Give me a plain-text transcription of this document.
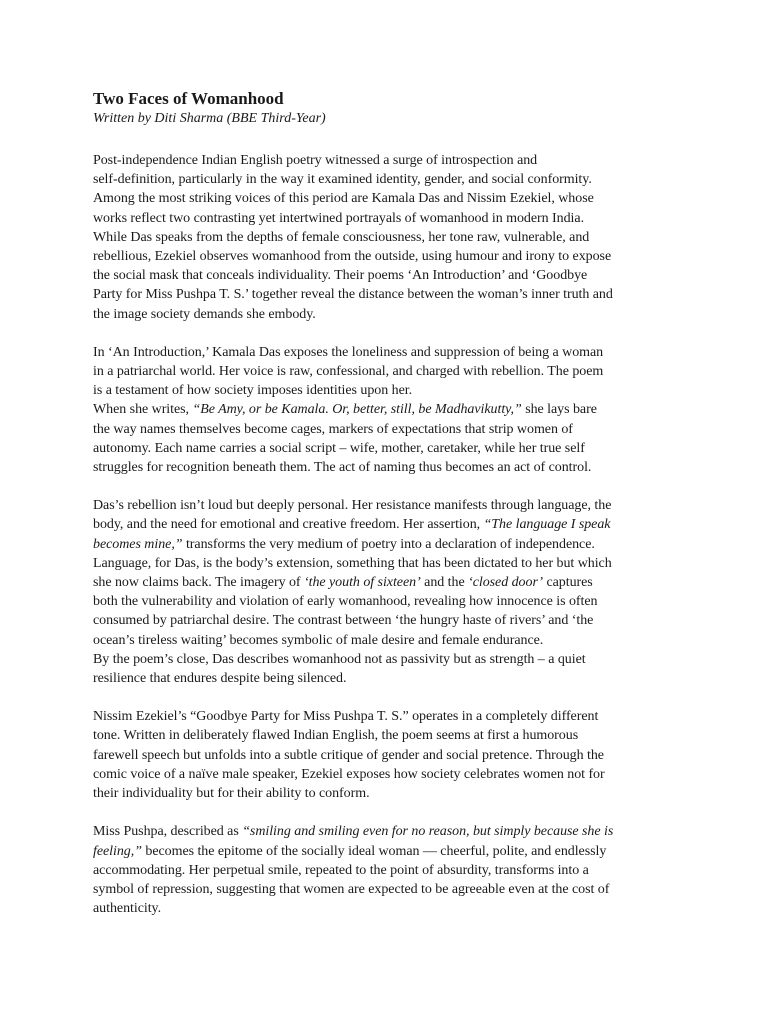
Two Faces of Womanhood

Written by Diti Sharma (BBE Third-Year)

Post-independence Indian English poetry witnessed a surge of introspection and
self-definition, particularly in the way it examined identity, gender, and social conformity.
Among the most striking voices of this period are Kamala Das and Nissim Ezekiel, whose
works reflect two contrasting yet intertwined portrayals of womanhood in modern India.
While Das speaks from the depths of female consciousness, her tone raw, vulnerable, and
rebellious, Ezekiel observes womanhood from the outside, using humour and irony to expose
the social mask that conceals individuality. Their poems ‘An Introduction’ and ‘Goodbye
Party for Miss Pushpa T. S.’ together reveal the distance between the woman’s inner truth and
the image society demands she embody.

In ‘An Introduction,’ Kamala Das exposes the loneliness and suppression of being a woman
in a patriarchal world. Her voice is raw, confessional, and charged with rebellion. The poem
is a testament of how society imposes identities upon her.
When she writes, “Be Amy, or be Kamala. Or, better, still, be Madhavikutty,” she lays bare
the way names themselves become cages, markers of expectations that strip women of
autonomy. Each name carries a social script – wife, mother, caretaker, while her true self
struggles for recognition beneath them. The act of naming thus becomes an act of control.

Das’s rebellion isn’t loud but deeply personal. Her resistance manifests through language, the
body, and the need for emotional and creative freedom. Her assertion, “The language I speak
becomes mine,” transforms the very medium of poetry into a declaration of independence.
Language, for Das, is the body’s extension, something that has been dictated to her but which
she now claims back. The imagery of ‘the youth of sixteen’ and the ‘closed door’ captures
both the vulnerability and violation of early womanhood, revealing how innocence is often
consumed by patriarchal desire. The contrast between ‘the hungry haste of rivers’ and ‘the
ocean’s tireless waiting’ becomes symbolic of male desire and female endurance.
By the poem’s close, Das describes womanhood not as passivity but as strength – a quiet
resilience that endures despite being silenced.

Nissim Ezekiel’s “Goodbye Party for Miss Pushpa T. S.” operates in a completely different
tone. Written in deliberately flawed Indian English, the poem seems at first a humorous
farewell speech but unfolds into a subtle critique of gender and social pretence. Through the
comic voice of a naïve male speaker, Ezekiel exposes how society celebrates women not for
their individuality but for their ability to conform.

Miss Pushpa, described as “smiling and smiling even for no reason, but simply because she is
feeling,” becomes the epitome of the socially ideal woman — cheerful, polite, and endlessly
accommodating. Her perpetual smile, repeated to the point of absurdity, transforms into a
symbol of repression, suggesting that women are expected to be agreeable even at the cost of
authenticity.
